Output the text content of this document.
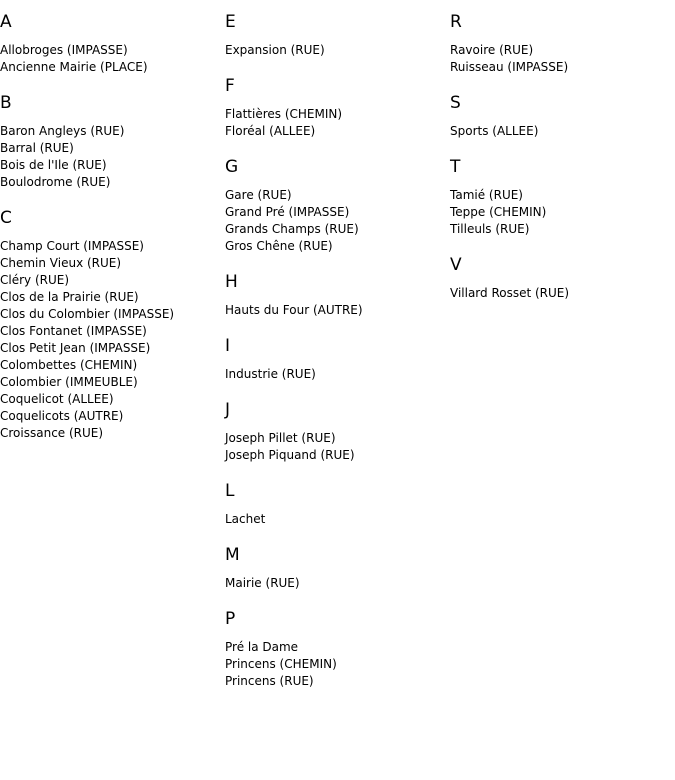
A
Allobroges (IMPASSE)
Ancienne Mairie (PLACE)
B
Baron Angleys (RUE)
Barral (RUE)
Bois de l'Ile (RUE)
Boulodrome (RUE)
C
Champ Court (IMPASSE)
Chemin Vieux (RUE)
Cléry (RUE)
Clos de la Prairie (RUE)
Clos du Colombier (IMPASSE)
Clos Fontanet (IMPASSE)
Clos Petit Jean (IMPASSE)
Colombettes (CHEMIN)
Colombier (IMMEUBLE)
Coquelicot (ALLEE)
Coquelicots (AUTRE)
Croissance (RUE)
E
Expansion (RUE)
F
Flattières (CHEMIN)
Floréal (ALLEE)
G
Gare (RUE)
Grand Pré (IMPASSE)
Grands Champs (RUE)
Gros Chêne (RUE)
H
Hauts du Four (AUTRE)
I
Industrie (RUE)
J
Joseph Pillet (RUE)
Joseph Piquand (RUE)
L
Lachet
M
Mairie (RUE)
P
Pré la Dame
Princens (CHEMIN)
Princens (RUE)
R
Ravoire (RUE)
Ruisseau (IMPASSE)
S
Sports (ALLEE)
T
Tamié (RUE)
Teppe (CHEMIN)
Tilleuls (RUE)
V
Villard Rosset (RUE)
